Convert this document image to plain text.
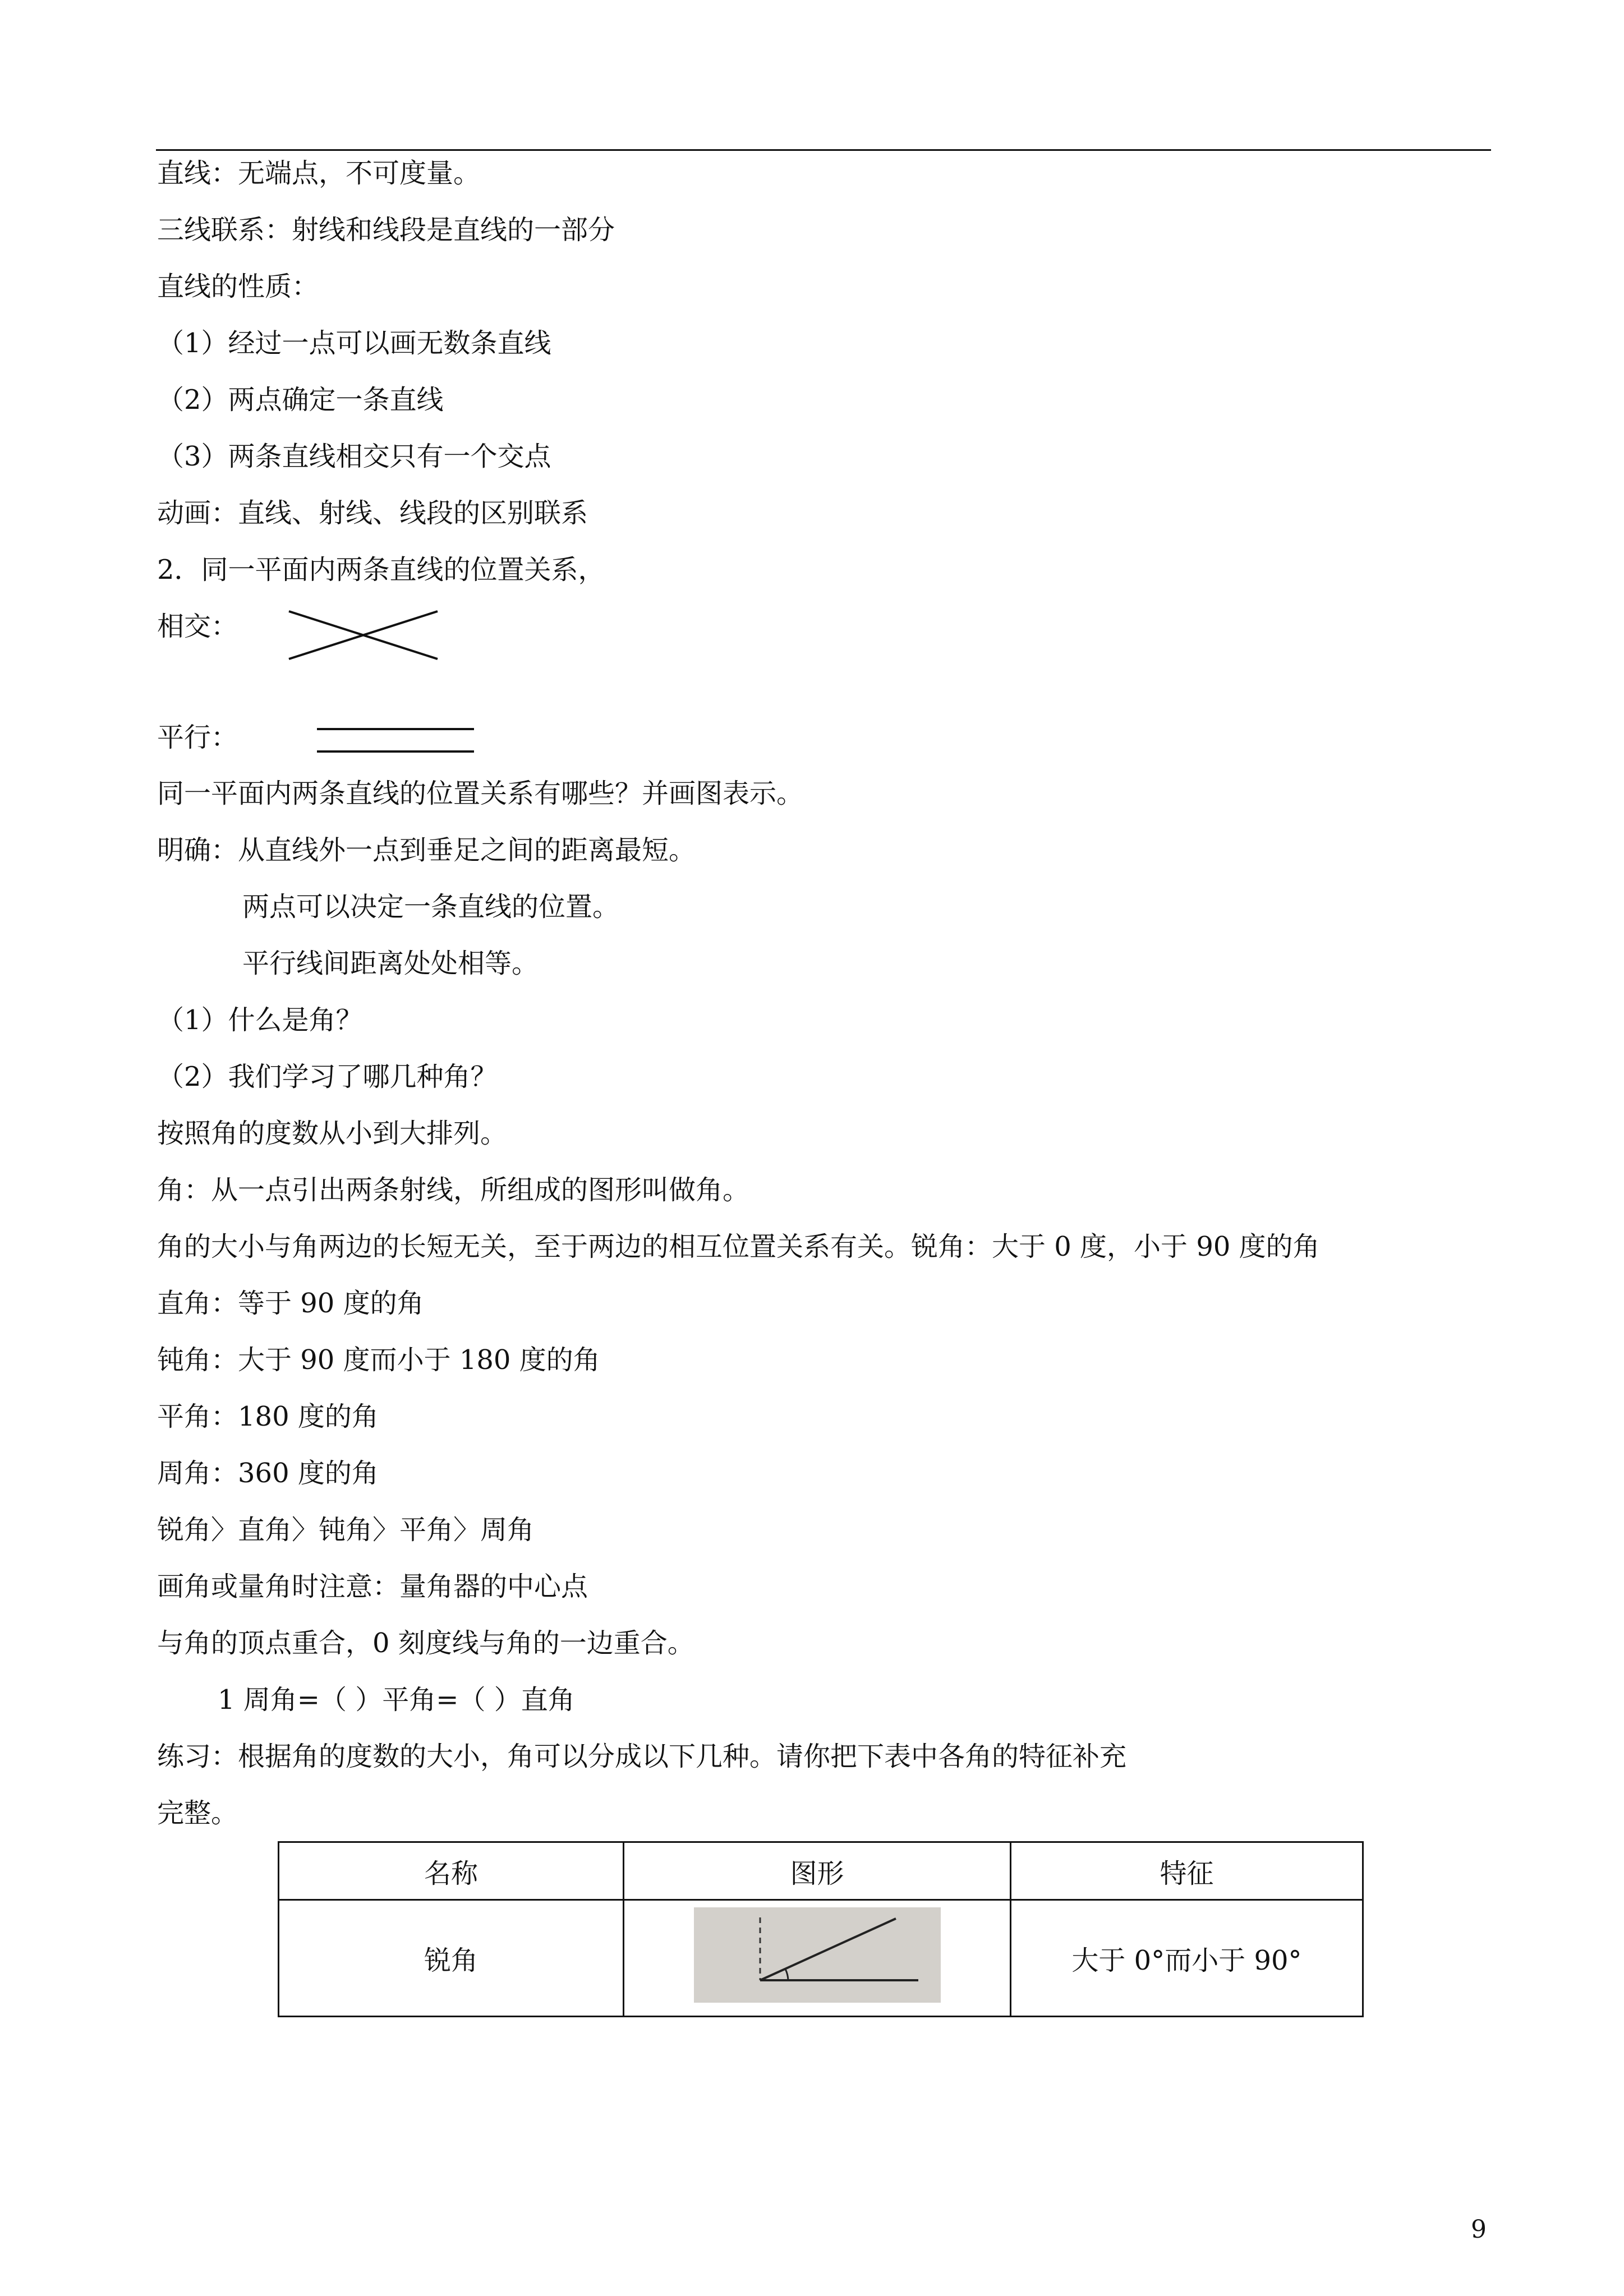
直线：无端点，不可度量。
三线联系：射线和线段是直线的一部分
直线的性质：
（1）经过一点可以画无数条直线
（2）两点确定一条直线
（3）两条直线相交只有一个交点
动画：直线、射线、线段的区别联系
2．同一平面内两条直线的位置关系，
相交：
平行：
同一平面内两条直线的位置关系有哪些？并画图表示。
明确：从直线外一点到垂足之间的距离最短。
两点可以决定一条直线的位置。
平行线间距离处处相等。
（1）什么是角？
（2）我们学习了哪几种角？
按照角的度数从小到大排列。
角：从一点引出两条射线，所组成的图形叫做角。
角的大小与角两边的长短无关，至于两边的相互位置关系有关。锐角：大于 0 度，小于 90 度的角
直角：等于 90 度的角
钝角：大于 90 度而小于 180 度的角
平角：180 度的角
周角：360 度的角
锐角〉直角〉钝角〉平角〉周角
画角或量角时注意：量角器的中心点
与角的顶点重合，0 刻度线与角的一边重合。
1 周角=（ ）平角=（ ）直角
练习：根据角的度数的大小，角可以分成以下几种。请你把下表中各角的特征补充
完整。
名称	图形	特征
锐角		大于 0°而小于 90°
9
